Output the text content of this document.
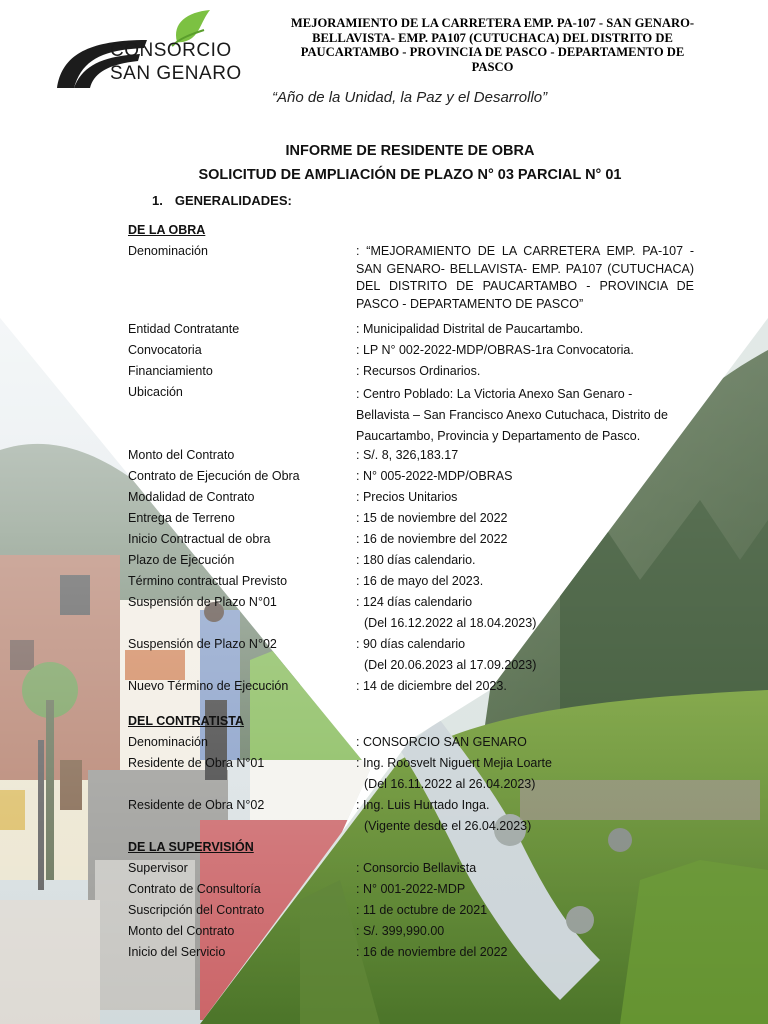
CONSORCIO
SAN GENARO
MEJORAMIENTO DE LA CARRETERA EMP. PA-107 - SAN GENARO- BELLAVISTA- EMP. PA107 (CUTUCHACA) DEL DISTRITO DE PAUCARTAMBO - PROVINCIA DE PASCO - DEPARTAMENTO DE PASCO
“Año de la Unidad, la Paz y el Desarrollo”
INFORME DE RESIDENTE DE OBRA
SOLICITUD DE AMPLIACIÓN DE PLAZO N° 03 PARCIAL N° 01
1. GENERALIDADES:
DE LA OBRA
Denominación	: “MEJORAMIENTO DE LA CARRETERA EMP. PA-107 - SAN GENARO- BELLAVISTA- EMP. PA107 (CUTUCHACA) DEL DISTRITO DE PAUCARTAMBO - PROVINCIA DE PASCO - DEPARTAMENTO DE PASCO”
Entidad Contratante	: Municipalidad Distrital de Paucartambo.
Convocatoria	: LP N° 002-2022-MDP/OBRAS-1ra Convocatoria.
Financiamiento	: Recursos Ordinarios.
Ubicación	: Centro Poblado: La Victoria Anexo San Genaro - Bellavista – San Francisco Anexo Cutuchaca, Distrito de Paucartambo, Provincia y Departamento de Pasco.
Monto del Contrato	: S/. 8, 326,183.17
Contrato de Ejecución de Obra	: N° 005-2022-MDP/OBRAS
Modalidad de Contrato	: Precios Unitarios
Entrega de Terreno	: 15 de noviembre del 2022
Inicio Contractual de obra	: 16 de noviembre del 2022
Plazo de Ejecución	: 180 días calendario.
Término contractual Previsto	: 16 de mayo del 2023.
Suspensión de Plazo N°01	: 124 días calendario
(Del 16.12.2022 al 18.04.2023)
Suspensión de Plazo N°02	: 90 días calendario
(Del 20.06.2023 al 17.09.2023)
Nuevo Término de Ejecución	: 14 de diciembre del 2023.
DEL CONTRATISTA
Denominación	: CONSORCIO SAN GENARO
Residente de Obra N°01	: Ing. Roosvelt Niguert Mejia Loarte
(Del 16.11.2022 al 26.04.2023)
Residente de Obra N°02	: Ing. Luis Hurtado Inga.
(Vigente desde el 26.04.2023)
DE LA SUPERVISIÓN
Supervisor	: Consorcio Bellavista
Contrato de Consultoría	: N° 001-2022-MDP
Suscripción del Contrato	: 11 de octubre de 2021
Monto del Contrato	: S/. 399,990.00
Inicio del Servicio	: 16 de noviembre del 2022
